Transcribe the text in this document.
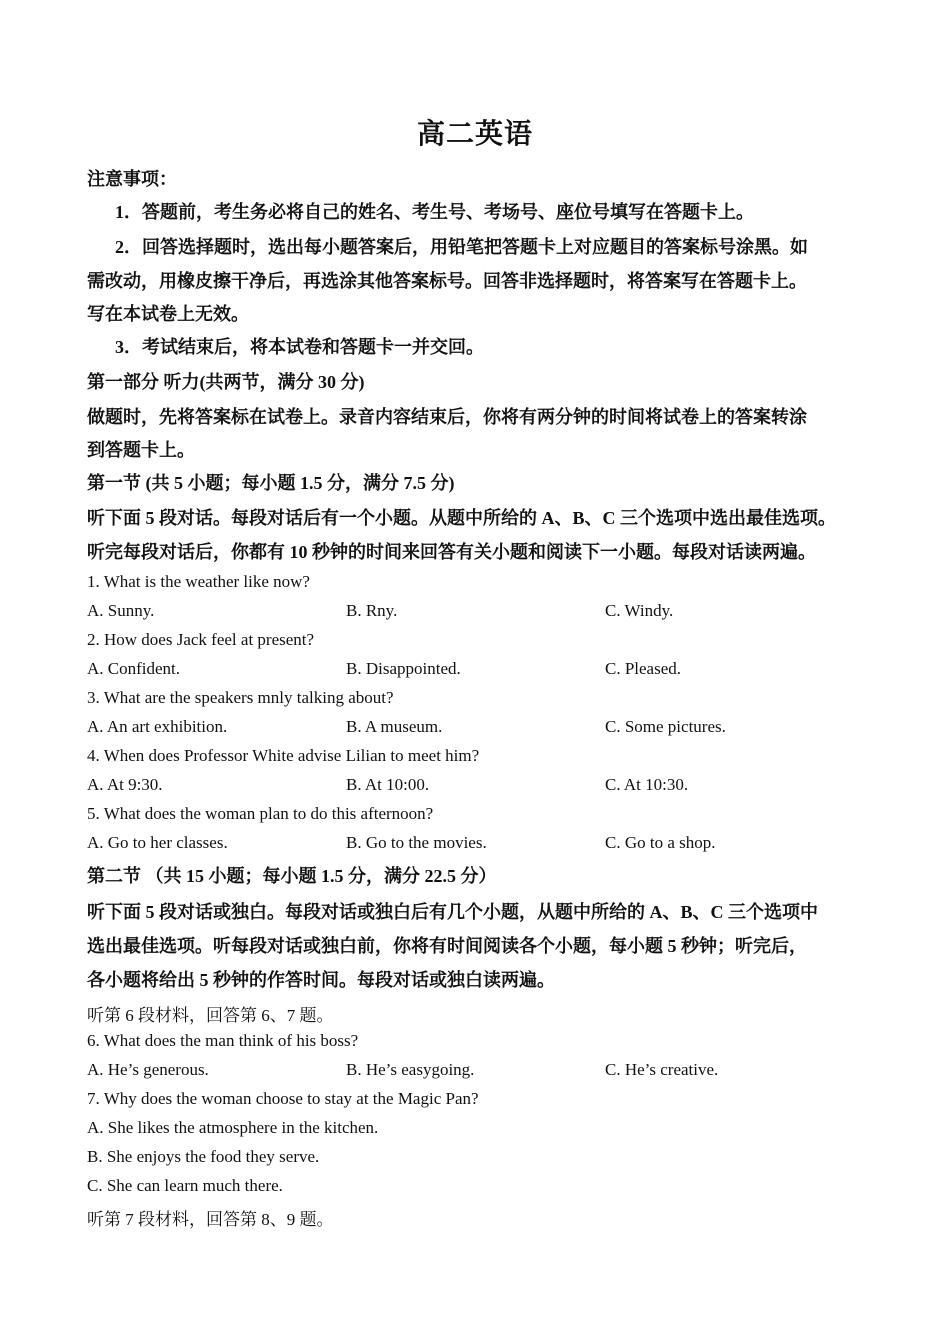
高二英语
注意事项：
1．答题前，考生务必将自己的姓名、考生号、考场号、座位号填写在答题卡上。
2．回答选择题时，选出每小题答案后，用铅笔把答题卡上对应题目的答案标号涂黑。如
需改动，用橡皮擦干净后，再选涂其他答案标号。回答非选择题时，将答案写在答题卡上。
写在本试卷上无效。
3．考试结束后，将本试卷和答题卡一并交回。
第一部分 听力(共两节，满分 30 分)
做题时，先将答案标在试卷上。录音内容结束后，你将有两分钟的时间将试卷上的答案转涂
到答题卡上。
第一节 (共 5 小题；每小题 1.5 分，满分 7.5 分)
听下面 5 段对话。每段对话后有一个小题。从题中所给的 A、B、C 三个选项中选出最佳选项。
听完每段对话后，你都有 10 秒钟的时间来回答有关小题和阅读下一小题。每段对话读两遍。
1. What is the weather like now?
A. Sunny.	B. Rny.	C. Windy.
2. How does Jack feel at present?
A. Confident.	B. Disappointed.	C. Pleased.
3. What are the speakers mnly talking about?
A. An art exhibition.	B. A museum.	C. Some pictures.
4. When does Professor White advise Lilian to meet him?
A. At 9:30.	B. At 10:00.	C. At 10:30.
5. What does the woman plan to do this afternoon?
A. Go to her classes.	B. Go to the movies.	C. Go to a shop.
第二节 （共 15 小题；每小题 1.5 分，满分 22.5 分）
听下面 5 段对话或独白。每段对话或独白后有几个小题，从题中所给的 A、B、C 三个选项中
选出最佳选项。听每段对话或独白前，你将有时间阅读各个小题，每小题 5 秒钟；听完后，
各小题将给出 5 秒钟的作答时间。每段对话或独白读两遍。
听第 6 段材料，回答第 6、7 题。
6. What does the man think of his boss?
A. He’s generous.	B. He’s easygoing.	C. He’s creative.
7. Why does the woman choose to stay at the Magic Pan?
A. She likes the atmosphere in the kitchen.
B. She enjoys the food they serve.
C. She can learn much there.
听第 7 段材料，回答第 8、9 题。
